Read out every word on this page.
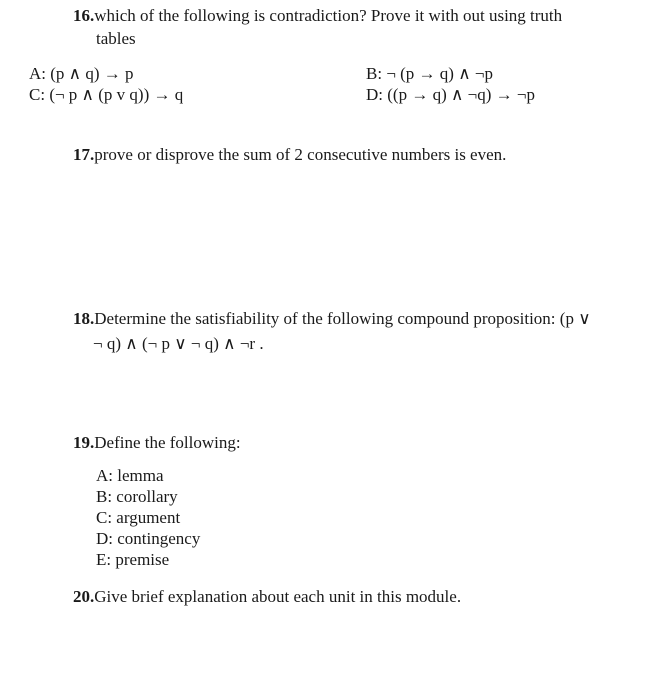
16.which of the following is contradiction? Prove it with out using truth
tables
A: (p ∧ q) → p	B: ¬ (p → q) ∧ ¬p
C: (¬ p ∧ (p v q)) → q	D: ((p → q) ∧ ¬q) → ¬p
17.prove or disprove the sum of 2 consecutive numbers is even.
18.Determine the satisfiability of the following compound proposition: (p ∨
¬ q) ∧ (¬ p ∨ ¬ q) ∧ ¬r .
19.Define the following:
A: lemma
B: corollary
C: argument
D: contingency
E: premise
20.Give brief explanation about each unit in this module.
